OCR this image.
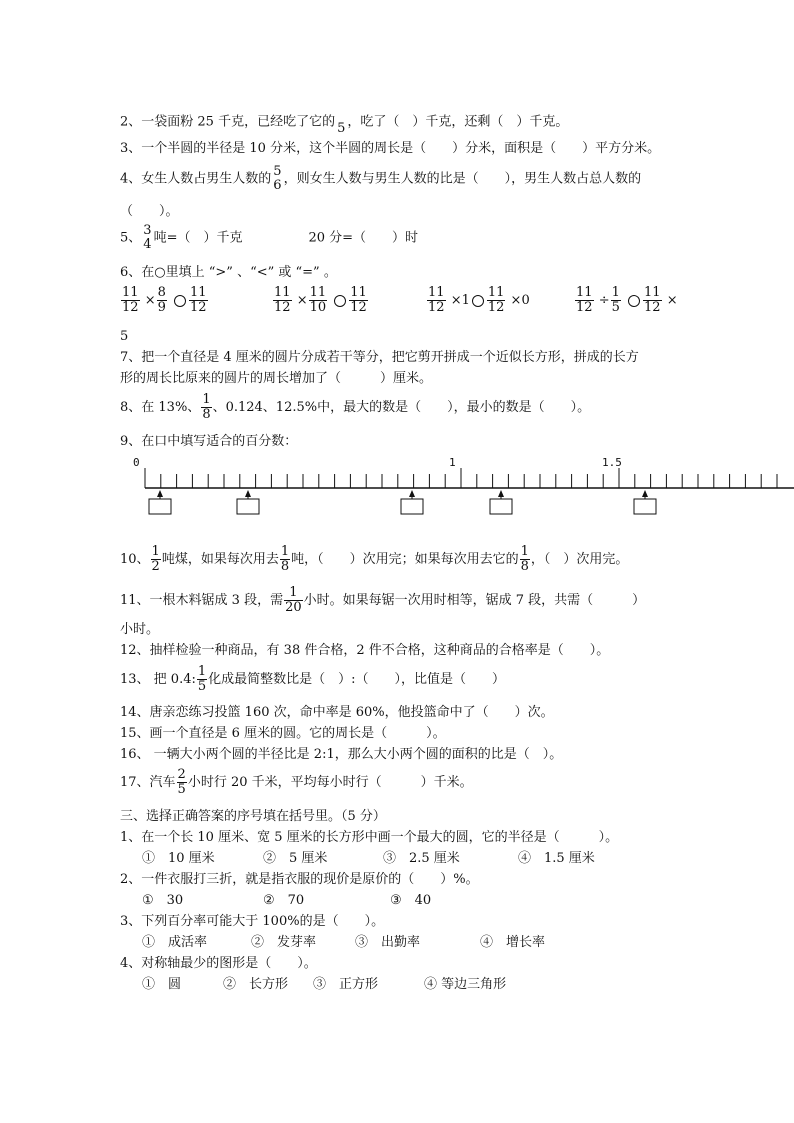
2、一袋面粉 25 千克，已经吃了它的 5 ，吃了（　）千克，还剩（　）千克。
3、一个半圆的半径是 10 分米，这个半圆的周长是（　　）分米，面积是（　　）平方分米。
4、女生人数占男生人数的 5
6 ，则女生人数与男生人数的比是（　　），男生人数占总人数的
（　　）。
5、 3
4 吨=（　）千克	20 分=（　　）时
6、在○里填上 “>” 、“<” 或 “=” 。
$\frac{11}{12} \times \frac{8}{9}$
$\frac{11}{12}$	$\frac{11}{12} \times \frac{11}{10}$
$\frac{11}{12}$	$\frac{11}{12} \times 1 \frac{11}{12} \times 0$	$\frac{11}{12} \div \frac{1}{5}$
$\frac{11}{12}$ ×
5
7、把一个直径是 4 厘米的圆片分成若干等分，把它剪开拼成一个近似长方形，拼成的长方
形的周长比原来的圆片的周长增加了（　　　）厘米。
8、在 13%、 $\frac{1}{8}$ 、0.124、12.5%中，最大的数是（　　），最小的数是（　　）。
9、在口中填写适合的百分数：
0	1	1.5
10、 $\frac{1}{2}$ 吨煤，如果每次用去 $\frac{1}{8}$ 吨，（　　）次用完；如果每次用去它的 $\frac{1}{8}$ ，（　）次用完。
11、一根木料锯成 3 段，需 $\frac{1}{20}$ 小时。如果每锯一次用时相等，锯成 7 段，共需（　　　）
小时。
12、抽样检验一种商品，有 38 件合格，2 件不合格，这种商品的合格率是（　　）。
13、 把 0.4: $\frac{1}{5}$ 化成最简整数比是（　）:（　　），比值是（　　）
14、唐亲恋练习投篮 160 次，命中率是 60%，他投篮命中了（　　）次。
15、画一个直径是 6 厘米的圆。它的周长是（　　　）。
16、 一辆大小两个圆的半径比是 2:1，那么大小两个圆的面积的比是（　）。
17、汽车 $\frac{2}{5}$ 小时行 20 千米，平均每小时行（　　　）千米。
三、选择正确答案的序号填在括号里。（5 分）
1、在一个长 10 厘米、宽 5 厘米的长方形中画一个最大的圆，它的半径是（　　　）。
①　10 厘米	②　5 厘米	③　2.5 厘米	④　1.5 厘米
2、一件衣服打三折，就是指衣服的现价是原价的（　　）%。
①　30	②　70	③　40
3、下列百分率可能大于 100%的是（　　）。
①　成活率	②　发芽率	③　出勤率	④　增长率
4、对称轴最少的图形是（　　）。
①　圆	②　长方形 ③　正方形	④ 等边三角形
